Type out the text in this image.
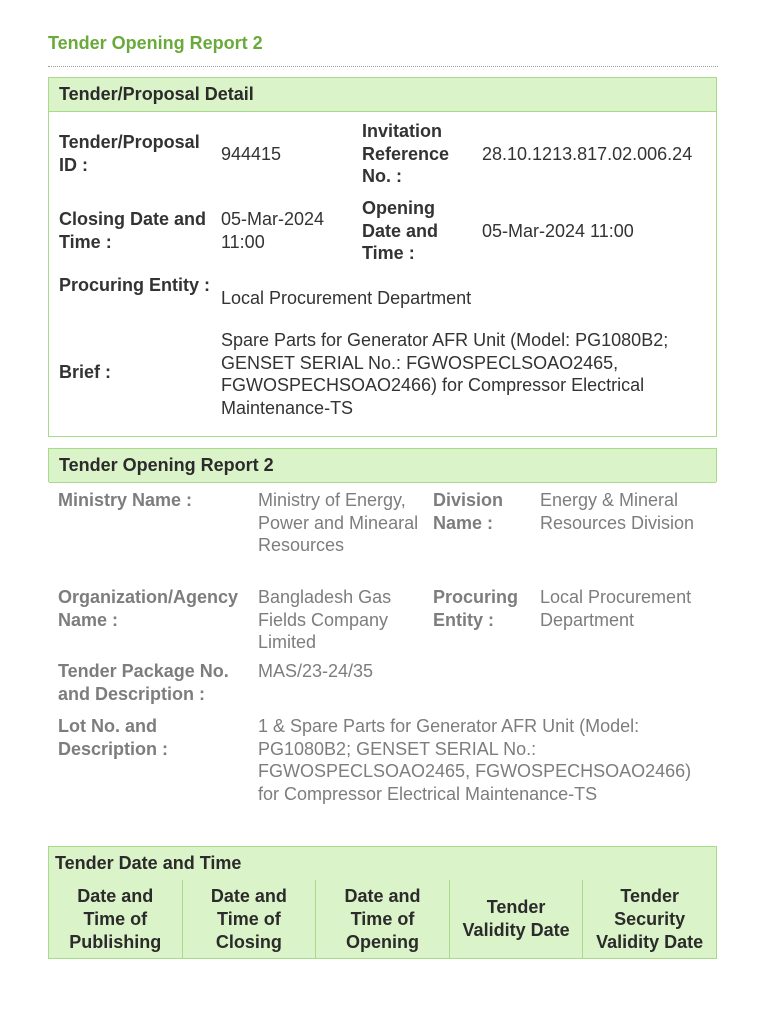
Tender Opening Report 2
Tender/Proposal Detail
Tender/Proposal ID :
944415
Invitation Reference No. :
28.10.1213.817.02.006.24
Closing Date and Time :
05-Mar-2024 11:00
Opening Date and Time :
05-Mar-2024 11:00
Procuring Entity :
Local Procurement Department
Brief :
Spare Parts for Generator AFR Unit (Model: PG1080B2; GENSET SERIAL No.: FGWOSPECLSOAO2465, FGWOSPECHSOAO2466) for Compressor Electrical Maintenance-TS
Tender Opening Report 2
Ministry Name :	Ministry of Energy, Power and Minearal Resources
Division Name :
Energy & Mineral Resources Division
Organization/Agency Name :
Bangladesh Gas Fields Company Limited
Procuring Entity :
Local Procurement Department
Tender Package No. and Description :
MAS/23-24/35
Lot No. and Description :
1 & Spare Parts for Generator AFR Unit (Model: PG1080B2; GENSET SERIAL No.: FGWOSPECLSOAO2465, FGWOSPECHSOAO2466) for Compressor Electrical Maintenance-TS
Tender Date and Time
Date and Time of Publishing
Date and Time of Closing
Date and Time of Opening
Tender Validity Date
Tender Security Validity Date
